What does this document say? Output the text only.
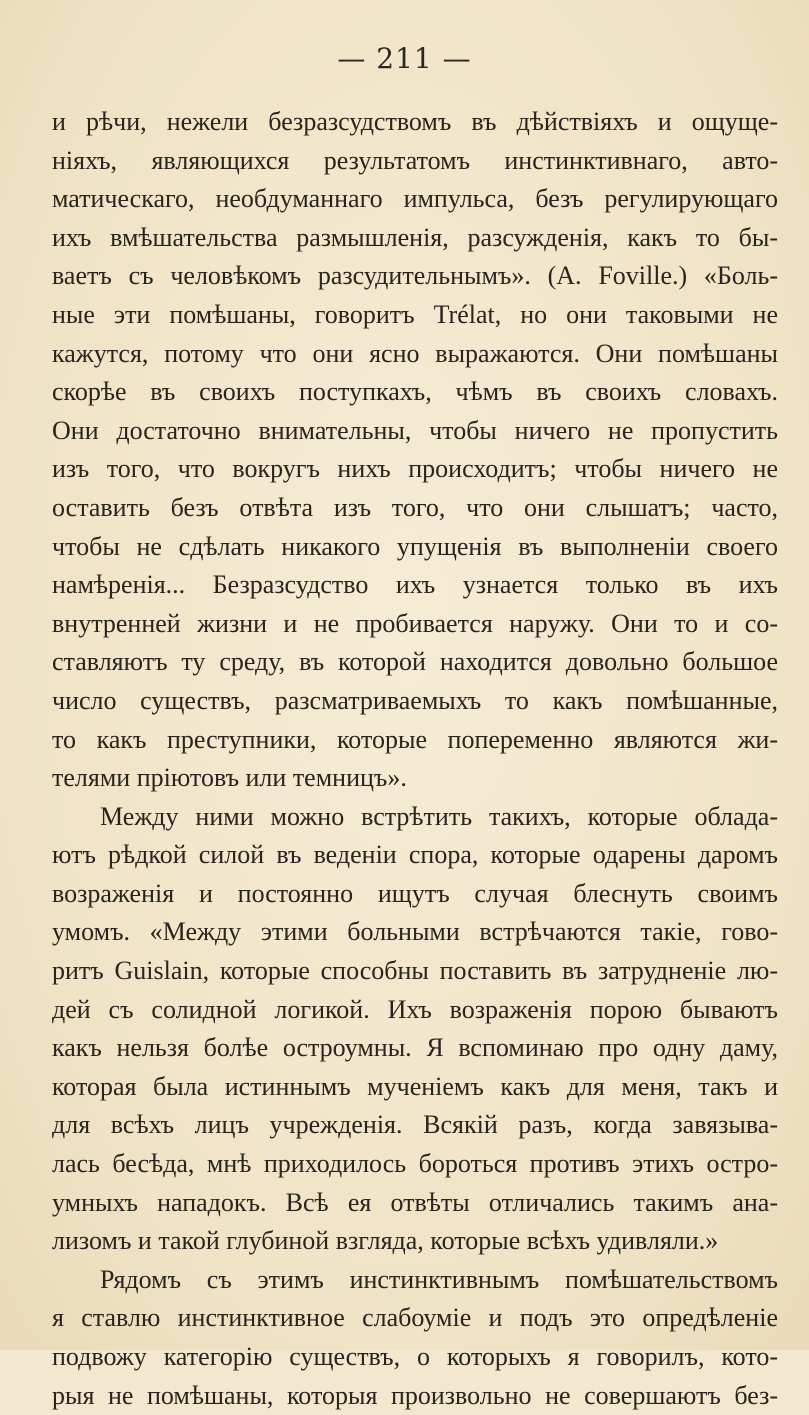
— 211 —
и рѣчи, нежели безразсудствомъ въ дѣйствіяхъ и ощуще-
ніяхъ, являющихся результатомъ инстинктивнаго, авто-
матическаго, необдуманнаго импульса, безъ регулирующаго
ихъ вмѣшательства размышленія, разсужденія, какъ то бы-
ваетъ съ человѣкомъ разсудительнымъ». (A. Foville.) «Боль-
ные эти помѣшаны, говоритъ Trélat, но они таковыми не
кажутся, потому что они ясно выражаются. Они помѣшаны
скорѣе въ своихъ поступкахъ, чѣмъ въ своихъ словахъ.
Они достаточно внимательны, чтобы ничего не пропустить
изъ того, что вокругъ нихъ происходитъ; чтобы ничего не
оставить безъ отвѣта изъ того, что они слышатъ; часто,
чтобы не сдѣлать никакого упущенія въ выполненіи своего
намѣренія... Безразсудство ихъ узнается только въ ихъ
внутренней жизни и не пробивается наружу. Они то и со-
ставляютъ ту среду, въ которой находится довольно большое
число существъ, разсматриваемыхъ то какъ помѣшанные,
то какъ преступники, которые попеременно являются жи-
телями пріютовъ или темницъ».
Между ними можно встрѣтить такихъ, которые облада-
ютъ рѣдкой силой въ веденіи спора, которые одарены даромъ
возраженія и постоянно ищутъ случая блеснуть своимъ
умомъ. «Между этими больными встрѣчаются такіе, гово-
ритъ Guislain, которые способны поставить въ затрудненіе лю-
дей съ солидной логикой. Ихъ возраженія порою бываютъ
какъ нельзя болѣе остроумны. Я вспоминаю про одну даму,
которая была истиннымъ мученіемъ какъ для меня, такъ и
для всѣхъ лицъ учрежденія. Всякій разъ, когда завязыва-
лась бесѣда, мнѣ приходилось бороться противъ этихъ остро-
умныхъ нападокъ. Всѣ ея отвѣты отличались такимъ ана-
лизомъ и такой глубиной взгляда, которые всѣхъ удивляли.»
Рядомъ съ этимъ инстинктивнымъ помѣшательствомъ
я ставлю инстинктивное слабоуміе и подъ это опредѣленіе
подвожу категорію существъ, о которыхъ я говорилъ, кото-
рыя не помѣшаны, которыя произвольно не совершаютъ без-
